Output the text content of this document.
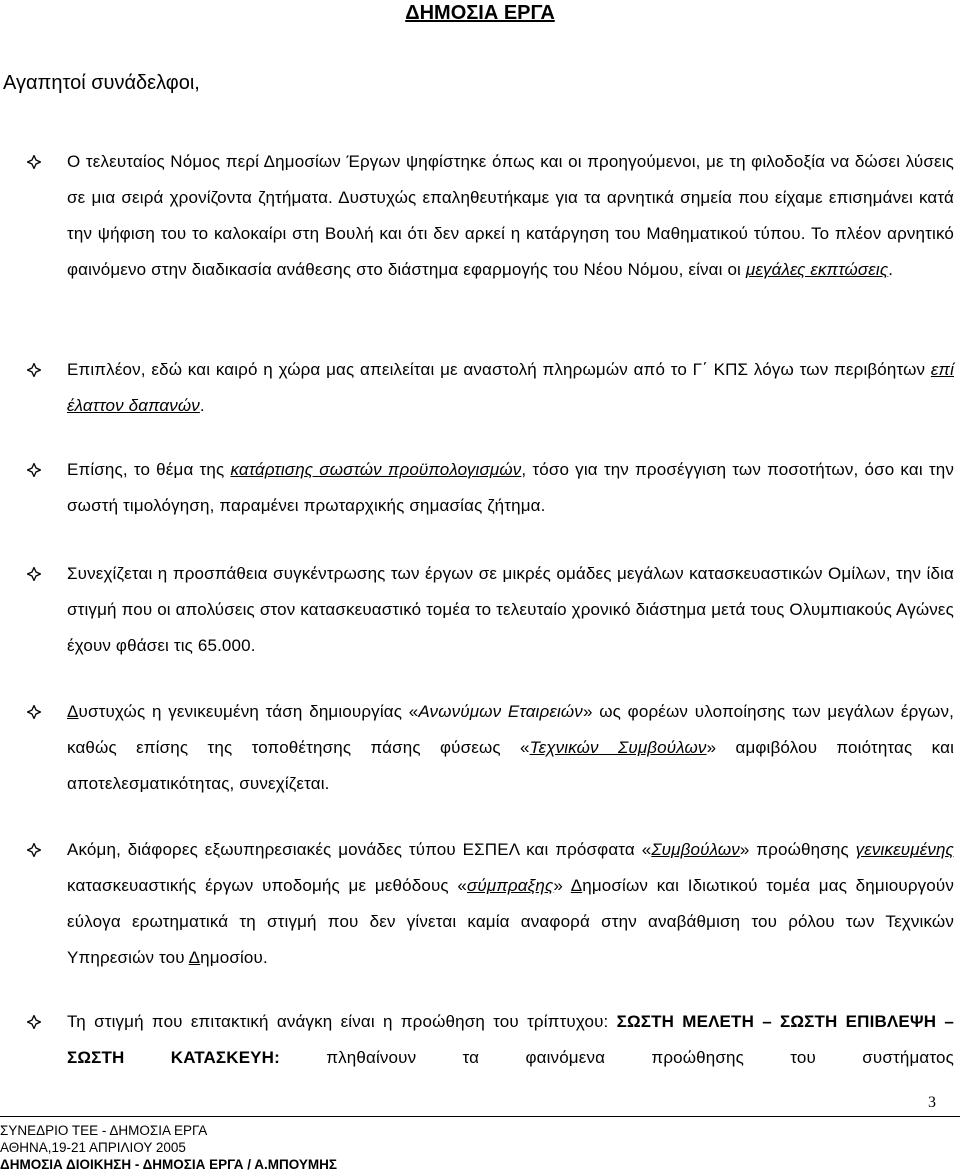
ΔΗΜΟΣΙΑ ΕΡΓΑ

Αγαπητοί συνάδελφοι,

Ο τελευταίος Νόμος περί Δημοσίων Έργων ψηφίστηκε όπως και οι προηγούμενοι, με τη φιλοδοξία να δώσει λύσεις σε μια σειρά χρονίζοντα ζητήματα. Δυστυχώς επαληθευτήκαμε για τα αρνητικά σημεία που είχαμε επισημάνει κατά την ψήφιση του το καλοκαίρι στη Βουλή και ότι δεν αρκεί η κατάργηση του Μαθηματικού τύπου. Το πλέον αρνητικό φαινόμενο στην διαδικασία ανάθεσης στο διάστημα εφαρμογής του Νέου Νόμου, είναι οι μεγάλες εκπτώσεις.

Επιπλέον, εδώ και καιρό η χώρα μας απειλείται με αναστολή πληρωμών από το Γ΄ ΚΠΣ λόγω των περιβόητων επί έλαττον δαπανών.

Επίσης, το θέμα της κατάρτισης σωστών προϋπολογισμών, τόσο για την προσέγγιση των ποσοτήτων, όσο και την σωστή τιμολόγηση, παραμένει πρωταρχικής σημασίας ζήτημα.

Συνεχίζεται η προσπάθεια συγκέντρωσης των έργων σε μικρές ομάδες μεγάλων κατασκευαστικών Ομίλων, την ίδια στιγμή που οι απολύσεις στον κατασκευαστικό τομέα το τελευταίο χρονικό διάστημα μετά τους Ολυμπιακούς Αγώνες έχουν φθάσει τις 65.000.

Δυστυχώς η γενικευμένη τάση δημιουργίας «Ανωνύμων Εταιρειών» ως φορέων υλοποίησης των μεγάλων έργων, καθώς επίσης της τοποθέτησης πάσης φύσεως «Τεχνικών Συμβούλων» αμφιβόλου ποιότητας και αποτελεσματικότητας, συνεχίζεται.

Ακόμη, διάφορες εξωυπηρεσιακές μονάδες τύπου ΕΣΠΕΛ και πρόσφατα «Συμβούλων» προώθησης γενικευμένης κατασκευαστικής έργων υποδομής με μεθόδους «σύμπραξης» Δημοσίων και Ιδιωτικού τομέα μας δημιουργούν εύλογα ερωτηματικά τη στιγμή που δεν γίνεται καμία αναφορά στην αναβάθμιση του ρόλου των Τεχνικών Υπηρεσιών του Δημοσίου.

Τη στιγμή που επιτακτική ανάγκη είναι η προώθηση του τρίπτυχου: ΣΩΣΤΗ ΜΕΛΕΤΗ – ΣΩΣΤΗ ΕΠΙΒΛΕΨΗ – ΣΩΣΤΗ ΚΑΤΑΣΚΕΥΗ: πληθαίνουν τα φαινόμενα προώθησης του συστήματος

3
ΣΥΝΕΔΡΙΟ ΤΕΕ - ΔΗΜΟΣΙΑ ΕΡΓΑ
ΑΘΗΝΑ,19-21 ΑΠΡΙΛΙΟΥ 2005
ΔΗΜΟΣΙΑ ΔΙΟΙΚΗΣΗ - ΔΗΜΟΣΙΑ ΕΡΓΑ / Α.ΜΠΟΥΜΗΣ
